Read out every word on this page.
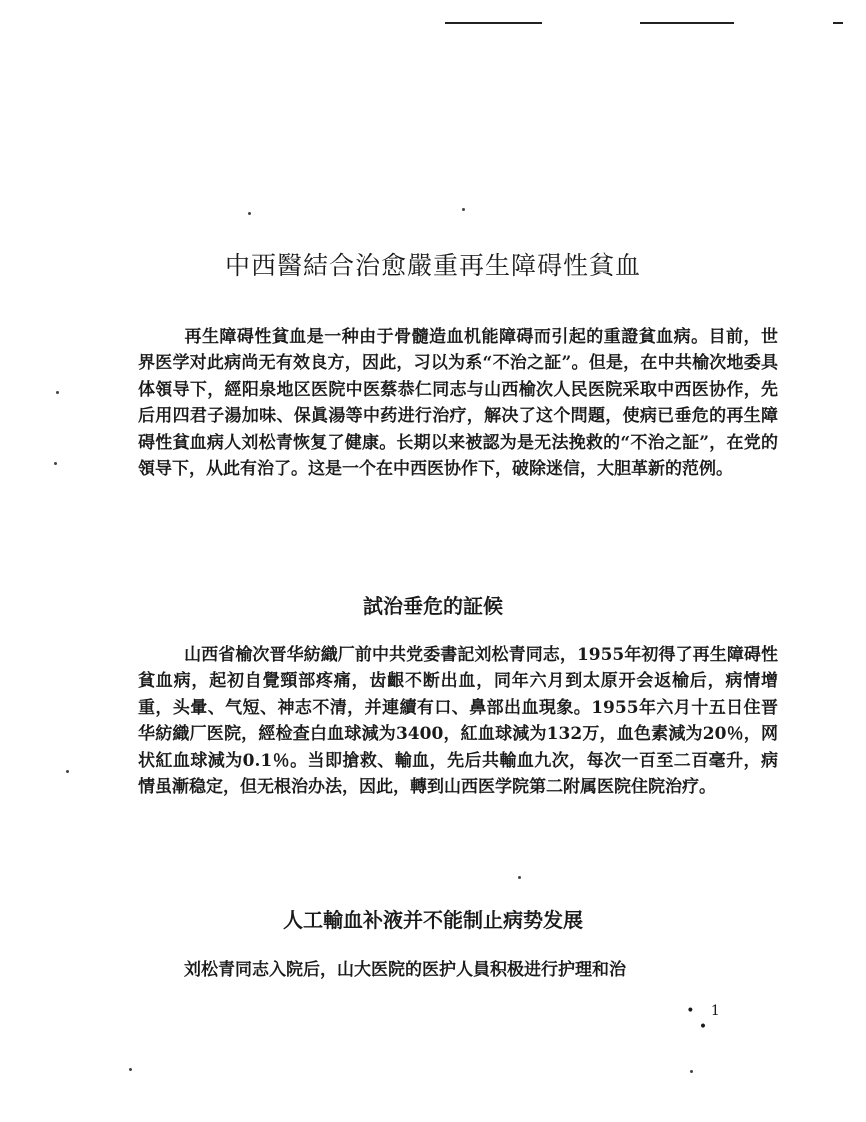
中西醫結合治愈嚴重再生障碍性貧血
再生障碍性貧血是一种由于骨髓造血机能障碍而引起的重證貧血病。目前，世界医学对此病尚无有效良方，因此，习以为系“不治之証”。但是，在中共榆次地委具体領导下，經阳泉地区医院中医蔡恭仁同志与山西榆次人民医院采取中西医协作，先后用四君子湯加味、保眞湯等中药进行治疗，解决了这个問題，使病已垂危的再生障碍性貧血病人刘松青恢复了健康。长期以来被認为是无法挽救的“不治之証”，在党的領导下，从此有治了。这是一个在中西医协作下，破除迷信，大胆革新的范例。
試治垂危的証候
山西省榆次晋华紡織厂前中共党委書記刘松青同志，1955年初得了再生障碍性貧血病，起初自覺頸部疼痛，齿齦不断出血，同年六月到太原开会返榆后，病情增重，头暈、气短、神志不清，并連續有口、鼻部出血現象。1955年六月十五日住晋华紡織厂医院，經检查白血球減为3400，紅血球減为132万，血色素減为20％，网状紅血球減为0.1％。当即搶救、輸血，先后共輸血九次，每次一百至二百毫升，病情虽漸稳定，但无根治办法，因此，轉到山西医学院第二附属医院住院治疗。
人工輸血补液并不能制止病势发展
刘松青同志入院后，山大医院的医护人員积极进行护理和治
• 1 •
